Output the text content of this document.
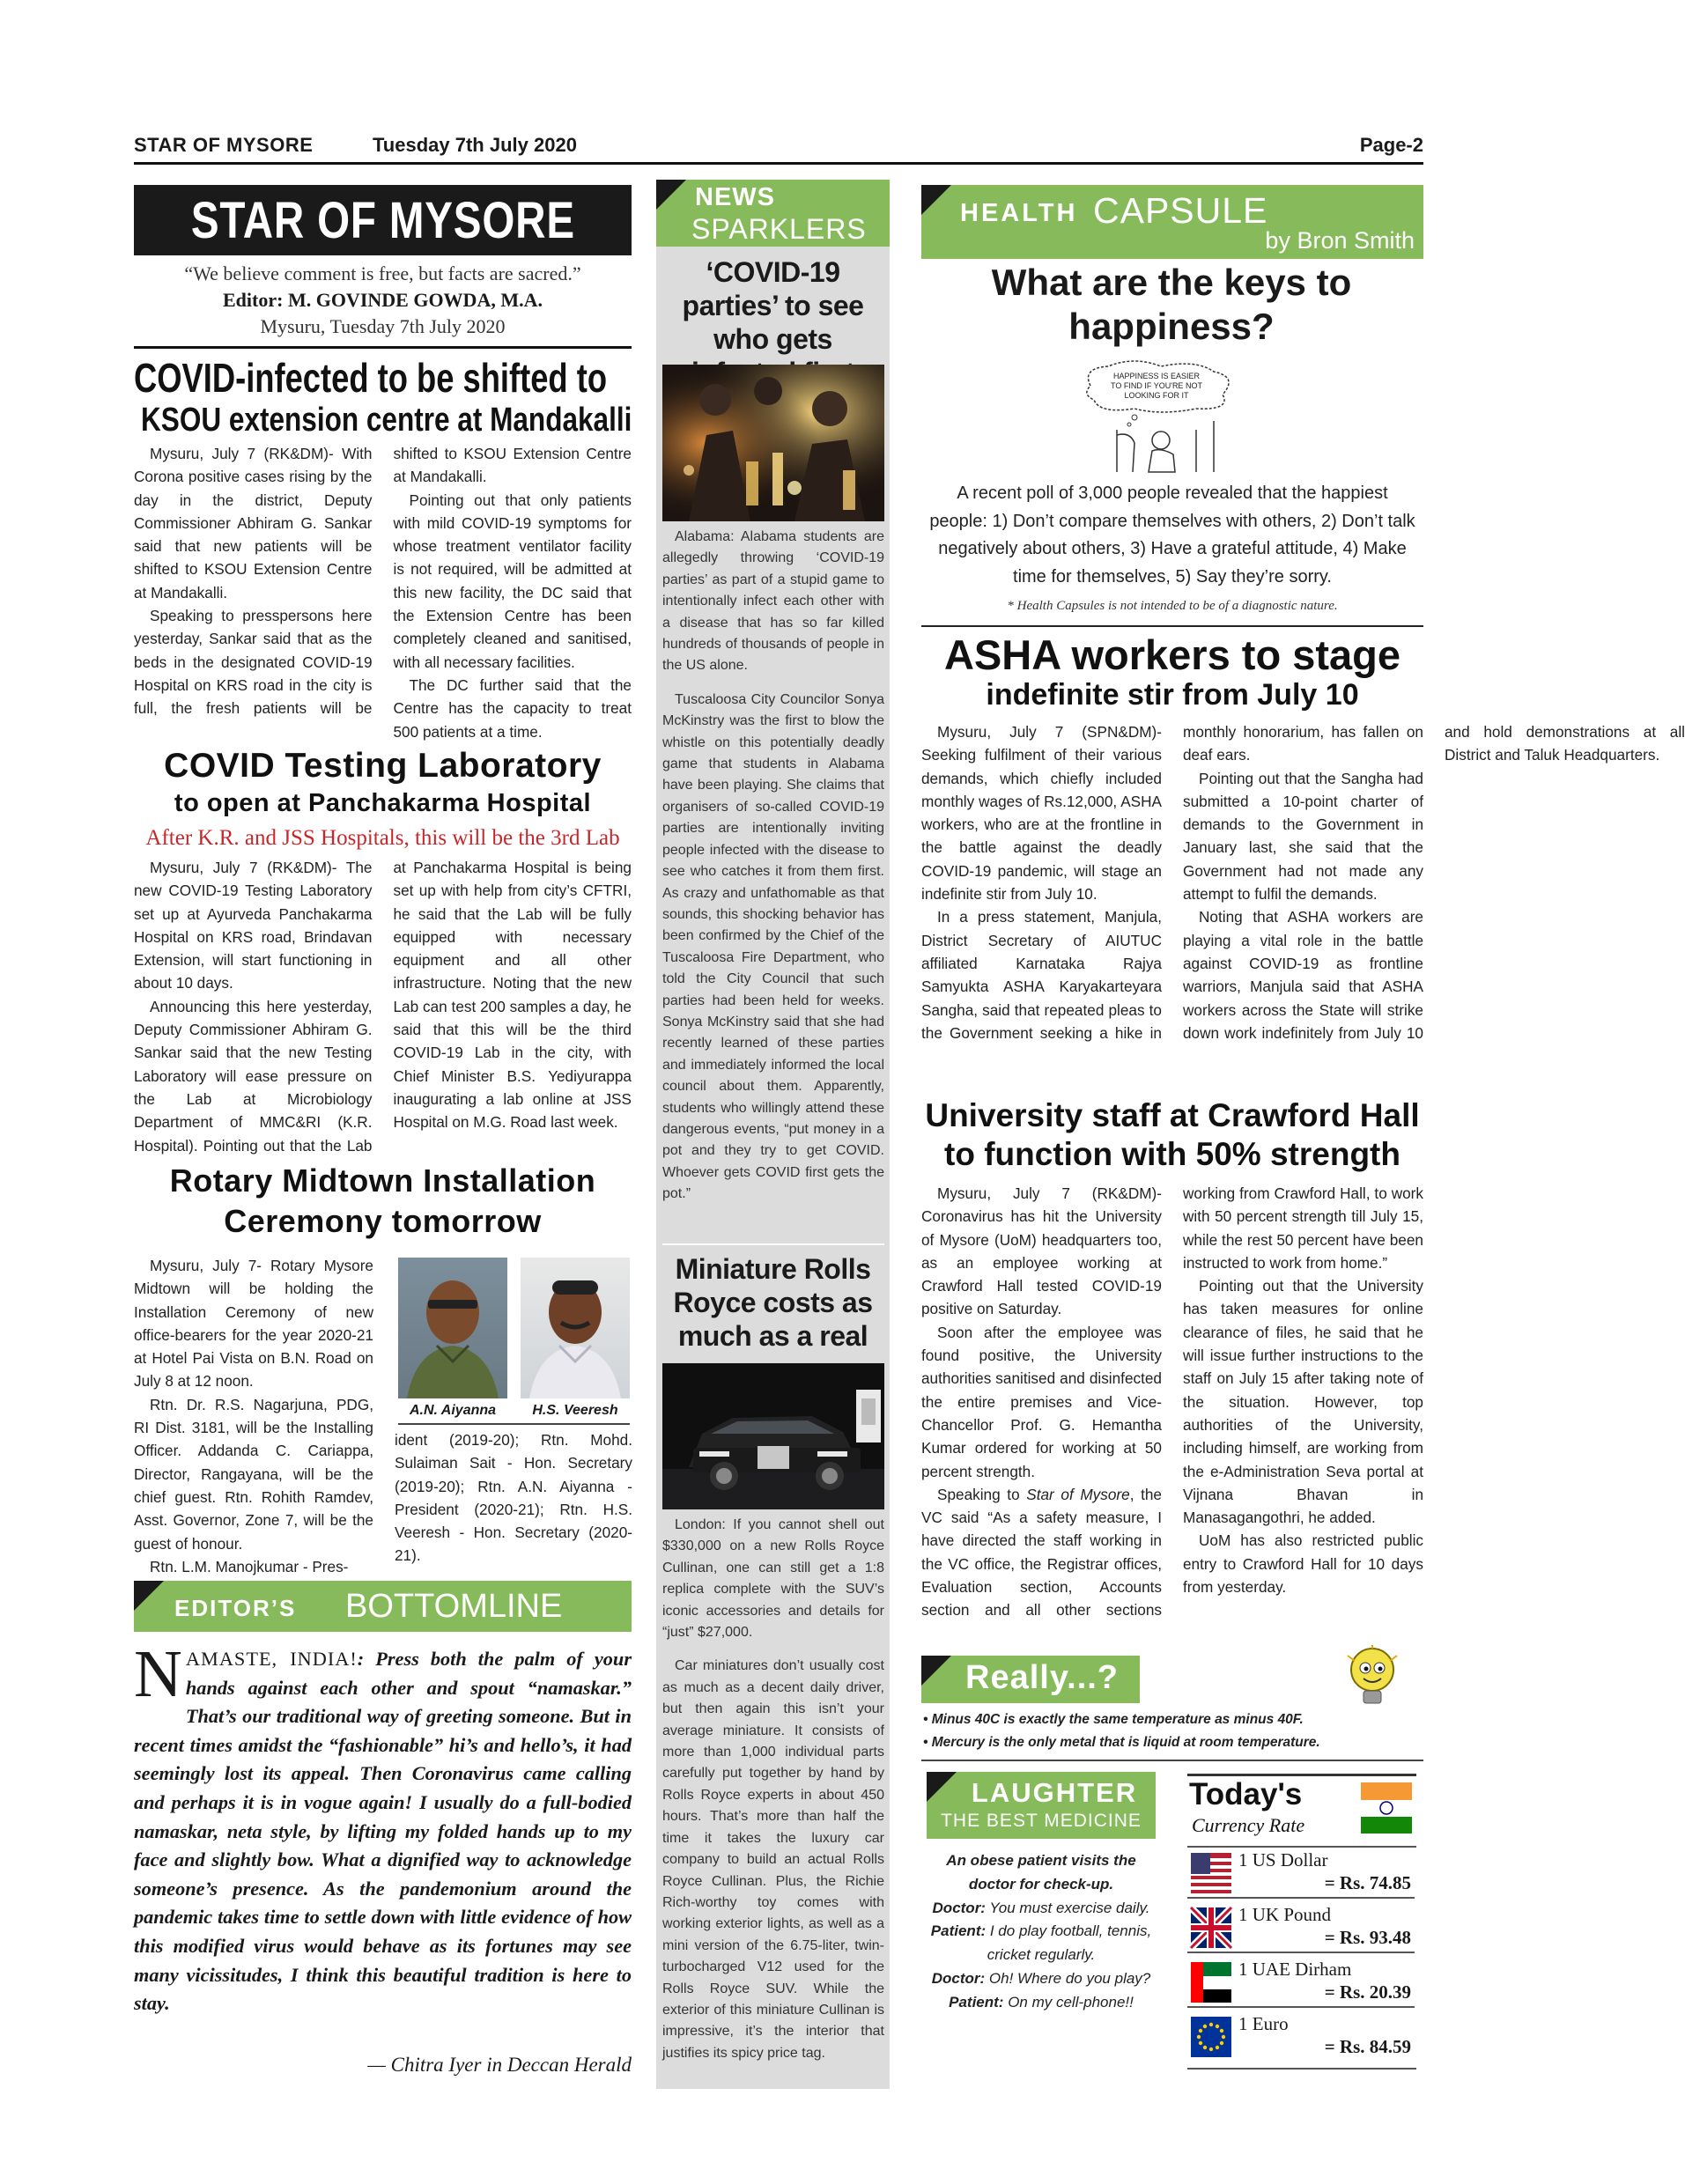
STAR OF MYSORE	Tuesday 7th July 2020	Page-2
STAR OF MYSORE
“We believe comment is free, but facts are sacred.”
Editor: M. GOVINDE GOWDA, M.A.
Mysuru, Tuesday 7th July 2020
COVID-infected to be shifted to
KSOU extension centre at Mandakalli

Mysuru, July 7 (RK&DM)- With Corona positive cases rising by the day in the district, Deputy Commissioner Abhiram G. Sankar said that new patients will be shifted to KSOU Extension Centre at Mandakalli.

Speaking to presspersons here yesterday, Sankar said that as the beds in the designated COVID-19 Hospital on KRS road in the city is full, the fresh patients will be shifted to KSOU Extension Centre at Mandakalli.

Pointing out that only patients with mild COVID-19 symptoms for whose treatment ventilator facility is not required, will be admitted at this new facility, the DC said that the Extension Centre has been completely cleaned and sanitised, with all necessary facilities.

The DC further said that the Centre has the capacity to treat 500 patients at a time.

COVID Testing Laboratory
to open at Panchakarma Hospital
After K.R. and JSS Hospitals, this will be the 3rd Lab

Mysuru, July 7 (RK&DM)- The new COVID-19 Testing Laboratory set up at Ayurveda Panchakarma Hospital on KRS road, Brindavan Extension, will start functioning in about 10 days.

Announcing this here yesterday, Deputy Commissioner Abhiram G. Sankar said that the new Testing Laboratory will ease pressure on the Lab at Microbiology Department of MMC&RI (K.R. Hospital). Pointing out that the Lab at Panchakarma Hospital is being set up with help from city’s CFTRI, he said that the Lab will be fully equipped with necessary equipment and all other infrastructure. Noting that the new Lab can test 200 samples a day, he said that this will be the third COVID-19 Lab in the city, with Chief Minister B.S. Yediyurappa inaugurating a lab online at JSS Hospital on M.G. Road last week.

Rotary Midtown Installation
Ceremony tomorrow

Mysuru, July 7- Rotary Mysore Midtown will be holding the Installation Ceremony of new office-bearers for the year 2020-21 at Hotel Pai Vista on B.N. Road on July 8 at 12 noon.

Rtn. Dr. R.S. Nagarjuna, PDG, RI Dist. 3181, will be the Installing Officer. Addanda C. Cariappa, Director, Rangayana, will be the chief guest. Rtn. Rohith Ramdev, Asst. Governor, Zone 7, will be the guest of honour.

Rtn. L.M. Manojkumar - Pres-

A.N. Aiyanna	H.S. Veeresh

ident (2019-20); Rtn. Mohd. Sulaiman Sait - Hon. Secretary (2019-20); Rtn. A.N. Aiyanna - President (2020-21); Rtn. H.S. Veeresh - Hon. Secretary (2020-21).

EDITOR’S BOTTOMLINE
NAMASTE, INDIA!: Press both the palm of your hands against each other and spout “namaskar.” That’s our traditional way of greeting someone. But in recent times amidst the “fashionable” hi’s and hello’s, it had seemingly lost its appeal. Then Coronavirus came calling and perhaps it is in vogue again! I usually do a full-bodied namaskar, neta style, by lifting my folded hands up to my face and slightly bow. What a dignified way to acknowledge someone’s presence. As the pandemonium around the pandemic takes time to settle down with little evidence of how this modified virus would behave as its fortunes may see many vicissitudes, I think this beautiful tradition is here to stay.
— Chitra Iyer in Deccan Herald
NEWS
SPARKLERS
‘COVID-19 parties’ to see who gets

Alabama: Alabama students are allegedly throwing ‘COVID-19 parties’ as part of a stupid game to intentionally infect each other with a disease that has so far killed hundreds of thousands of people in the US alone.

Tuscaloosa City Councilor Sonya McKinstry was the first to blow the whistle on this potentially deadly game that students in Alabama have been playing. She claims that organisers of so-called COVID-19 parties are intentionally inviting people infected with the disease to see who catches it from them first. As crazy and unfathomable as that sounds, this shocking behavior has been confirmed by the Chief of the Tuscaloosa Fire Department, who told the City Council that such parties had been held for weeks. Sonya McKinstry said that she had recently learned of these parties and immediately informed the local council about them. Apparently, students who willingly attend these dangerous events, “put money in a pot and they try to get COVID. Whoever gets COVID first gets the pot.”

Miniature Rolls Royce costs as much as a real

London: If you cannot shell out $330,000 on a new Rolls Royce Cullinan, one can still get a 1:8 replica complete with the SUV’s iconic accessories and details for “just” $27,000.

Car miniatures don’t usually cost as much as a decent daily driver, but then again this isn’t your average miniature. It consists of more than 1,000 individual parts carefully put together by hand by Rolls Royce experts in about 450 hours. That’s more than half the time it takes the luxury car company to build an actual Rolls Royce Cullinan. Plus, the Richie Rich-worthy toy comes with working exterior lights, as well as a mini version of the 6.75-liter, twin-turbocharged V12 used for the Rolls Royce SUV. While the exterior of this miniature Cullinan is impressive, it’s the interior that justifies its spicy price tag.

HEALTH CAPSULE
by Bron Smith
What are the keys to happiness?
HAPPINESS IS EASIER
TO FIND IF YOU'RE NOT
LOOKING FOR IT
A recent poll of 3,000 people revealed that the happiest people: 1) Don’t compare themselves with others, 2) Don’t talk negatively about others, 3) Have a grateful attitude, 4) Make time for themselves, 5) Say they’re sorry.
* Health Capsules is not intended to be of a diagnostic nature.
ASHA workers to stage
indefinite stir from July 10

Mysuru, July 7 (SPN&DM)- Seeking fulfilment of their various demands, which chiefly included monthly wages of Rs.12,000, ASHA workers, who are at the frontline in the battle against the deadly COVID-19 pandemic, will stage an indefinite stir from July 10.

In a press statement, Manjula, District Secretary of AIUTUC affiliated Karnataka Rajya Samyukta ASHA Karyakarteyara Sangha, said that repeated pleas to the Government seeking a hike in monthly honorarium, has fallen on deaf ears.

Pointing out that the Sangha had submitted a 10-point charter of demands to the Government in January last, she said that the Government had not made any attempt to fulfil the demands.

Noting that ASHA workers are playing a vital role in the battle against COVID-19 as frontline warriors, Manjula said that ASHA workers across the State will strike down work indefinitely from July 10 and hold demonstrations at all District and Taluk Headquarters.

University staff at Crawford Hall
to function with 50% strength

Mysuru, July 7 (RK&DM)- Coronavirus has hit the University of Mysore (UoM) headquarters too, as an employee working at Crawford Hall tested COVID-19 positive on Saturday.

Soon after the employee was found positive, the University authorities sanitised and disinfected the entire premises and Vice-Chancellor Prof. G. Hemantha Kumar ordered for working at 50 percent strength.

Speaking to Star of Mysore, the VC said “As a safety measure, I have directed the staff working in the VC office, the Registrar offices, Evaluation section, Accounts section and all other sections working from Crawford Hall, to work with 50 percent strength till July 15, while the rest 50 percent have been instructed to work from home.”

Pointing out that the University has taken measures for online clearance of files, he said that he will issue further instructions to the staff on July 15 after taking note of the situation. However, top authorities of the University, including himself, are working from the e-Administration Seva portal at Vijnana Bhavan in Manasagangothri, he added.

UoM has also restricted public entry to Crawford Hall for 10 days from yesterday.

Really...?
• Minus 40C is exactly the same temperature as minus 40F.
• Mercury is the only metal that is liquid at room temperature.
LAUGHTER
THE BEST MEDICINE
An obese patient visits the doctor for check-up.
Doctor: You must exercise daily.
Patient: I do play football, tennis, cricket regularly.
Doctor: Oh! Where do you play?
Patient: On my cell-phone!!
Today's
Currency Rate
1 US Dollar
= Rs. 74.85
1 UK Pound
= Rs. 93.48
1 UAE Dirham
= Rs. 20.39
1 Euro
= Rs. 84.59
